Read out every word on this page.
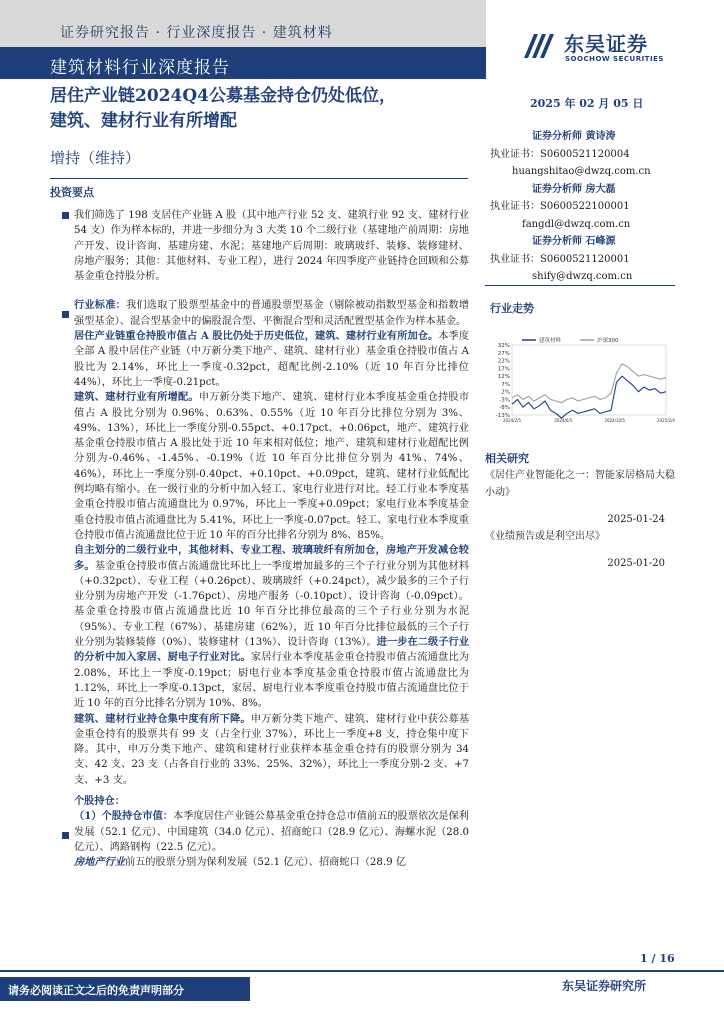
证券研究报告 · 行业深度报告 · 建筑材料
建筑材料行业深度报告
东吴证券
SOOCHOW SECURITIES
居住产业链2024Q4公募基金持仓仍处低位，
建筑、建材行业有所增配
2025 年 02 月 05 日
增持（维持）
投资要点
证券分析师 黄诗涛
执业证书：S0600521120004
huangshitao@dwzq.com.cn
证券分析师 房大磊
执业证书：S0600522100001
fangdl@dwzq.com.cn
证券分析师 石峰源
执业证书：S0600521120001
shify@dwzq.com.cn
行业走势
32%
27%
22%
17%
12%
7%
2%
-3%
-8%
-13%
2024/2/5	2024/6/5	2024/10/5	2025/2/4
建筑材料	沪深300
相关研究
《居住产业智能化之一：智能家居格局大稳小动》
2025-01-24
《业绩预告或是利空出尽》
2025-01-20

我们筛选了 198 支居住产业链 A 股（其中地产行业 52 支、建筑行业 92 支、建材行业 54 支）作为样本标的，并进一步细分为 3 大类 10 个二级行业（基建地产前周期：房地产开发、设计咨询、基建房建、水泥；基建地产后周期：玻璃玻纤、装修、装修建材、房地产服务；其他：其他材料、专业工程），进行 2024 年四季度产业链持仓回顾和公募基金重仓持股分析。

行业标准：我们选取了股票型基金中的普通股票型基金（剔除被动指数型基金和指数增强型基金）、混合型基金中的偏股混合型、平衡混合型和灵活配置型基金作为样本基金。

居住产业链重仓持股市值占 A 股比仍处于历史低位，建筑、建材行业有所加仓。本季度全部 A 股中居住产业链（中万新分类下地产、建筑、建材行业）基金重仓持股市值占 A 股比为 2.14%，环比上一季度-0.32pct，超配比例-2.10%（近 10 年百分比排位 44%），环比上一季度-0.21pct。

建筑、建材行业有所增配。申万新分类下地产、建筑、建材行业本季度基金重仓持股市值占 A 股比分别为 0.96%、0.63%、0.55%（近 10 年百分比排位分别为 3%、49%、13%），环比上一季度分别-0.55pct、+0.17pct、+0.06pct，地产、建筑行业基金重仓持股市值占 A 股比处于近 10 年来相对低位；地产、建筑和建材行业超配比例分别为-0.46%、-1.45%、-0.19%（近 10 年百分比排位分别为 41%、74%、46%），环比上一季度分别-0.40pct、+0.10pct、+0.09pct，建筑、建材行业低配比例均略有缩小。在一级行业的分析中加入轻工、家电行业进行对比。轻工行业本季度基金重仓持股市值占流通盘比为 0.97%，环比上一季度+0.09pct；家电行业本季度基金重仓持股市值占流通盘比为 5.41%，环比上一季度-0.07pct。轻工、家电行业本季度重仓持股市值占流通盘比位于近 10 年的百分比排名分别为 8%、85%。

自主划分的二级行业中，其他材料、专业工程、玻璃玻纤有所加仓，房地产开发减仓较多。基金重仓持股市值占流通盘比环比上一季度增加最多的三个子行业分别为其他材料（+0.32pct）、专业工程（+0.26pct）、玻璃玻纤（+0.24pct），减少最多的三个子行业分别为房地产开发（-1.76pct）、房地产服务（-0.10pct）、设计咨询（-0.09pct）。基金重仓持股市值占流通盘比近 10 年百分比排位最高的三个子行业分别为水泥（95%）、专业工程（67%）、基建房建（62%），近 10 年百分比排位最低的三个子行业分别为装修装修（0%）、装修建材（13%）、设计咨询（13%）。进一步在二级子行业的分析中加入家居、厨电子行业对比。家居行业本季度基金重仓持股市值占流通盘比为 2.08%，环比上一季度-0.19pct；厨电行业本季度基金重仓持股市值占流通盘比为 1.12%，环比上一季度-0.13pct，家居、厨电行业本季度重仓持股市值占流通盘比位于近 10 年的百分比排名分别为 10%、8%。

建筑、建材行业持仓集中度有所下降。申万新分类下地产、建筑、建材行业中获公募基金重仓持有的股票共有 99 支（占全行业 37%），环比上一季度+8 支，持仓集中度下降。其中，申万分类下地产、建筑和建材行业获样本基金重仓持有的股票分别为 34 支、42 支、23 支（占各自行业的 33%、25%、32%），环比上一季度分别-2 支、+7 支、+3 支。

个股持仓：

（1）个股持仓市值：本季度居住产业链公募基金重仓持仓总市值前五的股票依次是保利发展（52.1 亿元）、中国建筑（34.0 亿元）、招商蛇口（28.9 亿元）、海螺水泥（28.0 亿元）、鸿路钢构（22.5 亿元）。

房地产行业前五的股票分别为保利发展（52.1 亿元）、招商蛇口（28.9 亿

1 / 16
请务必阅读正文之后的免责声明部分	东吴证券研究所
